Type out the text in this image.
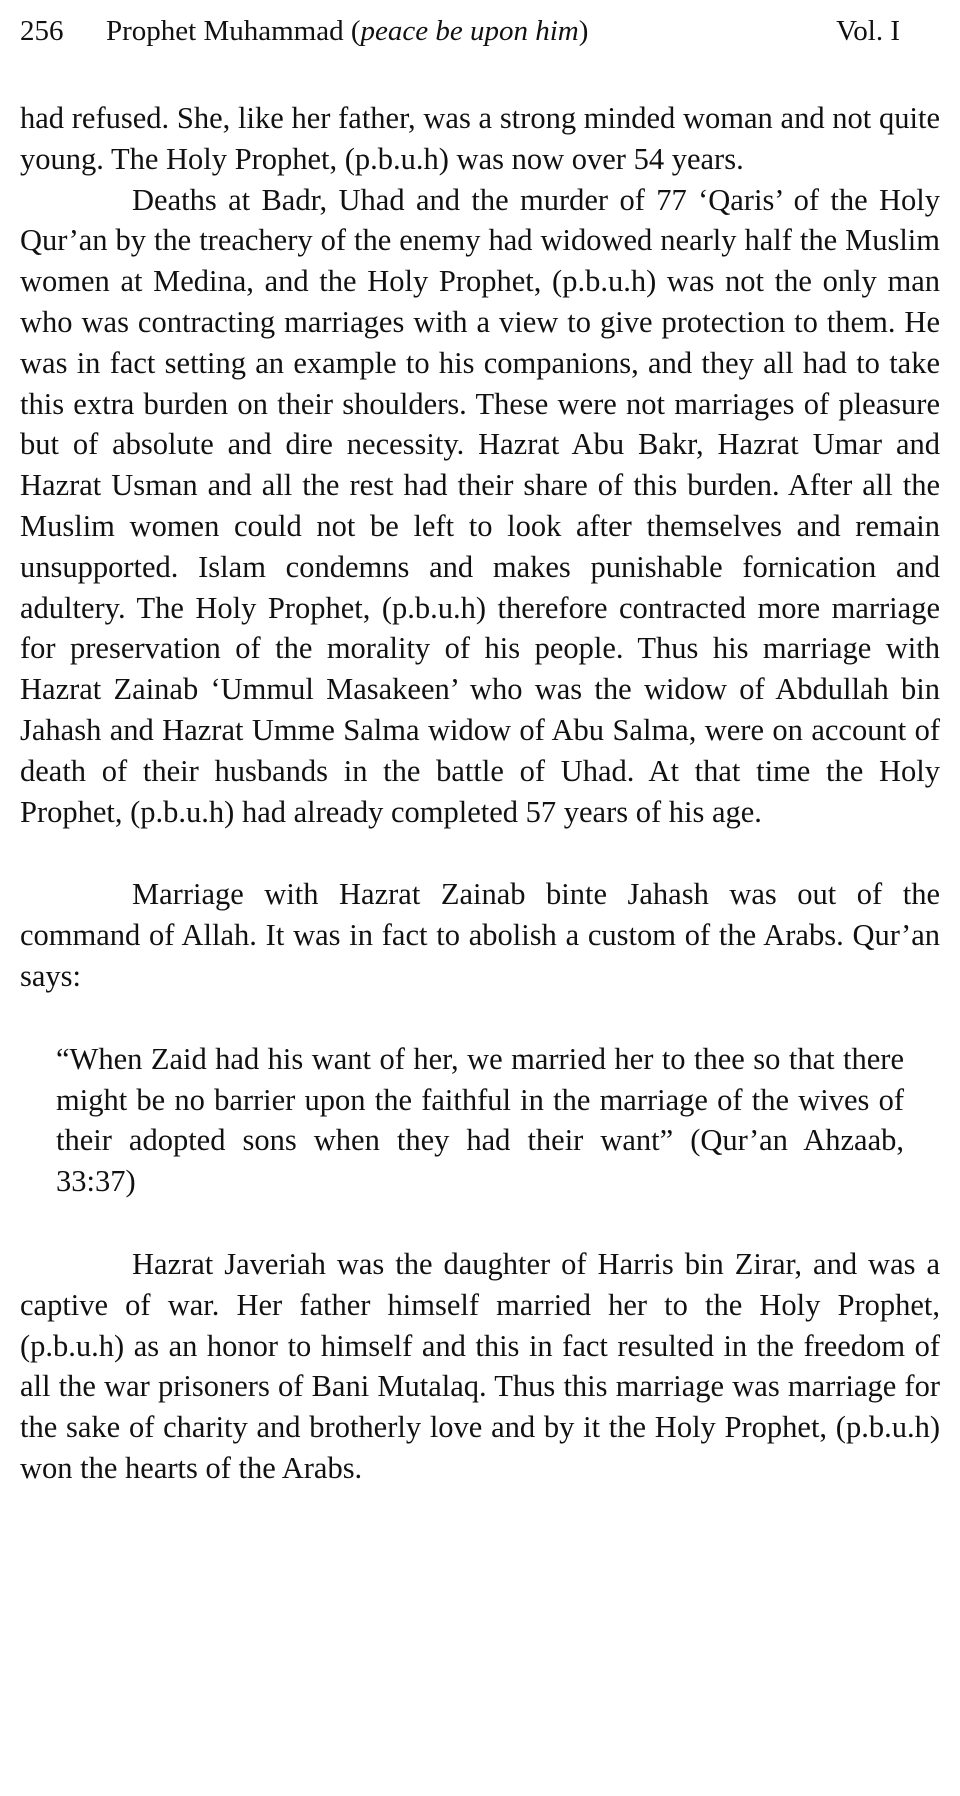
256 Prophet Muhammad (peace be upon him)	Vol. I

had refused. She, like her father, was a strong minded woman and not quite young. The Holy Prophet, (p.b.u.h) was now over 54 years.

Deaths at Badr, Uhad and the murder of 77 ‘Qaris’ of the Holy Qur’an by the treachery of the enemy had widowed nearly half the Muslim women at Medina, and the Holy Prophet, (p.b.u.h) was not the only man who was contracting marriages with a view to give protection to them. He was in fact setting an example to his companions, and they all had to take this extra burden on their shoulders. These were not marriages of pleasure but of absolute and dire necessity. Hazrat Abu Bakr, Hazrat Umar and Hazrat Usman and all the rest had their share of this burden. After all the Muslim women could not be left to look after themselves and remain unsupported. Islam condemns and makes punishable fornication and adultery. The Holy Prophet, (p.b.u.h) therefore contracted more marriage for preservation of the morality of his people. Thus his marriage with Hazrat Zainab ‘Ummul Masakeen’ who was the widow of Abdullah bin Jahash and Hazrat Umme Salma widow of Abu Salma, were on account of death of their husbands in the battle of Uhad. At that time the Holy Prophet, (p.b.u.h) had already completed 57 years of his age.

Marriage with Hazrat Zainab binte Jahash was out of the command of Allah. It was in fact to abolish a custom of the Arabs. Qur’an says:

“When Zaid had his want of her, we married her to thee so that there might be no barrier upon the faithful in the marriage of the wives of their adopted sons when they had their want” (Qur’an Ahzaab, 33:37)

Hazrat Javeriah was the daughter of Harris bin Zirar, and was a captive of war. Her father himself married her to the Holy Prophet, (p.b.u.h) as an honor to himself and this in fact resulted in the freedom of all the war prisoners of Bani Mutalaq. Thus this marriage was marriage for the sake of charity and brotherly love and by it the Holy Prophet, (p.b.u.h) won the hearts of the Arabs.
